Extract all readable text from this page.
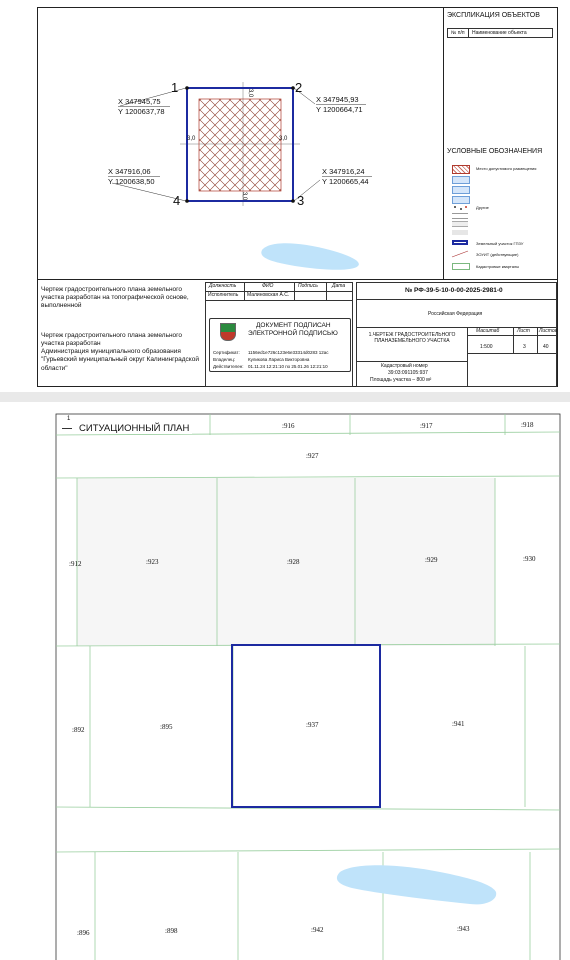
ЭКСПЛИКАЦИЯ ОБЪЕКТОВ
№ п/п Наименование объекта
УСЛОВНЫЕ ОБОЗНАЧЕНИЯ
Место допустимого размещения
Другие
Земельный участок ГПЗУ
ЗОУИТ (действующие)
Кадастровые кварталы
1	2
3
4
X 347945,75
Y 1200637,78
X 347945,93
Y 1200664,71
X 347916,24
Y 1200665,44
X 347916,06
Y 1200638,50
3,0
3,0	3,0
3,0
Чертеж градостроительного плана земельного участка разработан на топографической основе, выполненной
Чертеж градостроительного плана земельного участка разработан
Администрация муниципального образования "Гурьевский муниципальный округ Калининградской области"
Должность	ФИО	Подпись	Дата
Исполнитель Малиновская А.С.
ДОКУМЕНТ ПОДПИСАН
ЭЛЕКТРОННОЙ ПОДПИСЬЮ
Сертификат: 1156ed1e726c123e6e33314d0283 12ac
Владелец:	Куликова Лариса Викторовна
Действителен: 01.11.24 12:21:10 по 25.01.26 12:21:10
№ РФ-39-5-10-0-00-2025-2981-0
Российская Федерация
1.ЧЕРТЕЖ ГРАДОСТРОИТЕЛЬНОГО ПЛАНАЗЕМЕЛЬНОГО УЧАСТКА
Масштаб	Лист Листов
1:500	3	40
Кадастровый номер
39:03:091105:937
Площадь участка – 800 м²
СИТУАЦИОННЫЙ ПЛАН
1
:916	:917	:918
:927
:912	:923	:928	:929	:930
:892	:895	:937	:941
:896	:898	:942	:943
